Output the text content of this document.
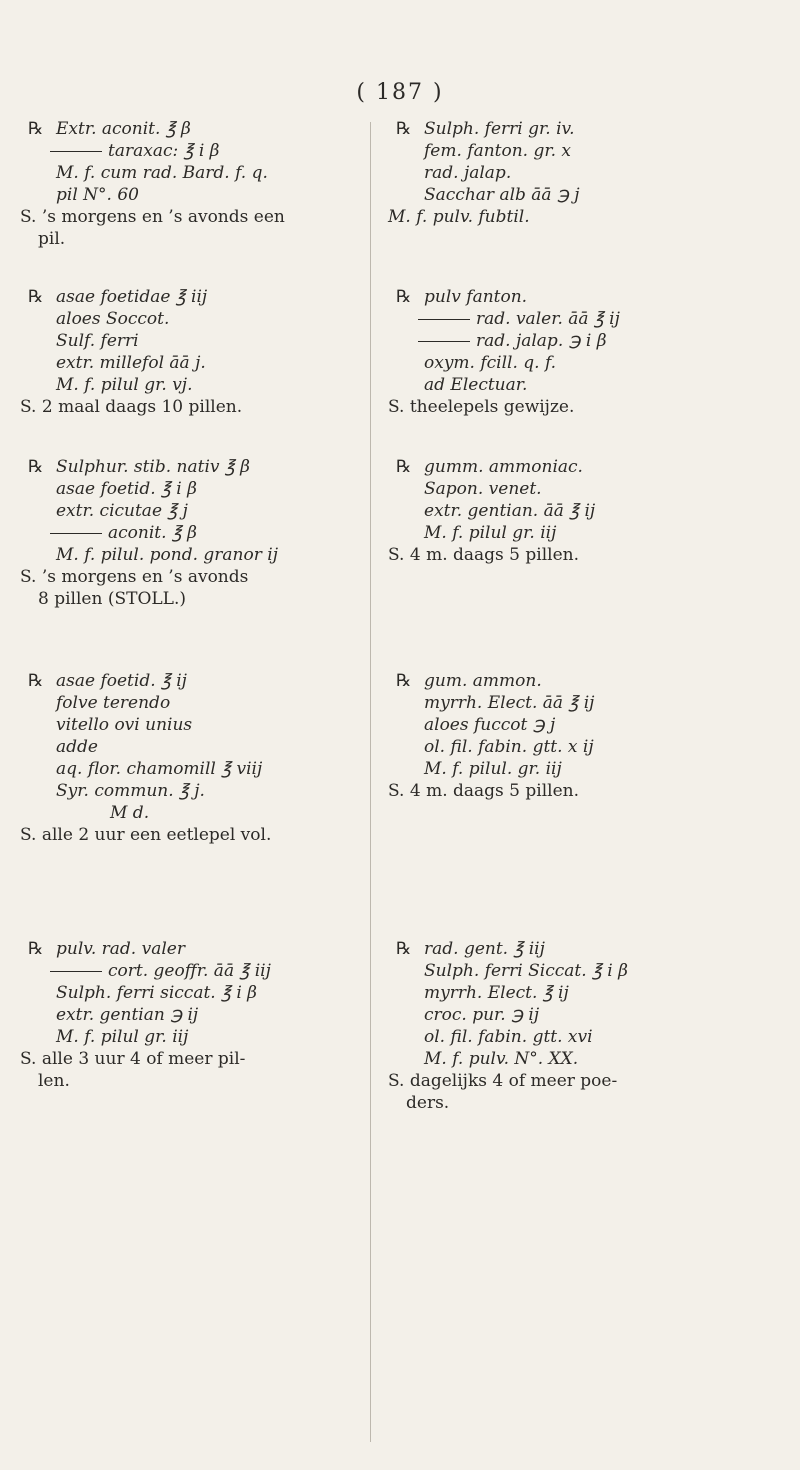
( 187 )
℞ Extr. aconit. ℥ β
taraxac: ℥ i β
M. f. cum rad. Bard. f. q.
pil N°. 60
S. ’s morgens en ’s avonds een
pil.
℞ asae foetidae ℥ iij
aloes Soccot.
Sulf. ferri
extr. millefol āā j.
M. f. pilul gr. vj.
S. 2 maal daags 10 pillen.
℞ Sulphur. stib. nativ ℥ β
asae foetid. ℥ i β
extr. cicutae ℥ j
aconit. ℥ β
M. f. pilul. pond. granor ij
S. ’s morgens en ’s avonds
8 pillen (STOLL.)
℞ asae foetid. ℥ ij
folve terendo
vitello ovi unius
adde
aq. flor. chamomill ℥ viij
Syr. commun. ℥ j.
M d.
S. alle 2 uur een eetlepel vol.
℞ pulv. rad. valer
cort. geoffr. āā ℥ iij
Sulph. ferri siccat. ℥ i β
extr. gentian ℈ ij
M. f. pilul gr. iij
S. alle 3 uur 4 of meer pil-
len.
℞ Sulph. ferri gr. iv.
fem. fanton. gr. x
rad. jalap.
Sacchar alb āā ℈ j
M. f. pulv. fubtil.
℞ pulv fanton.
rad. valer. āā ℥ ij
rad. jalap. ℈ i β
oxym. fcill. q. f.
ad Electuar.
S. theelepels gewijze.
℞ gumm. ammoniac.
Sapon. venet.
extr. gentian. āā ℥ ij
M. f. pilul gr. iij
S. 4 m. daags 5 pillen.
℞ gum. ammon.
myrrh. Elect. āā ℥ ij
aloes fuccot ℈ j
ol. fil. fabin. gtt. x ij
M. f. pilul. gr. iij
S. 4 m. daags 5 pillen.
℞ rad. gent. ℥ iij
Sulph. ferri Siccat. ℥ i β
myrrh. Elect. ℥ ij
croc. pur. ℈ ij
ol. fil. fabin. gtt. xvi
M. f. pulv. N°. XX.
S. dagelijks 4 of meer poe-
ders.
